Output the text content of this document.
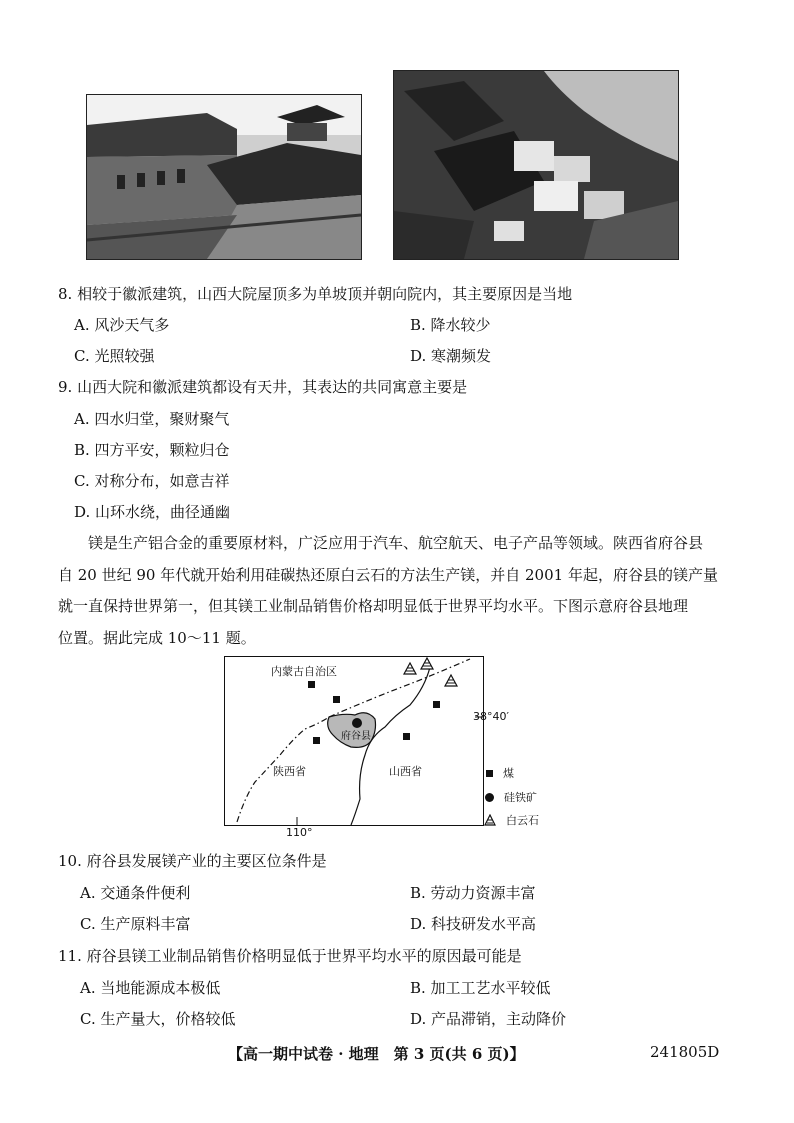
8. 相较于徽派建筑，山西大院屋顶多为单坡顶并朝向院内，其主要原因是当地
A. 风沙天气多	B. 降水较少
C. 光照较强	D. 寒潮频发
9. 山西大院和徽派建筑都设有天井，其表达的共同寓意主要是
A. 四水归堂，聚财聚气
B. 四方平安，颗粒归仓
C. 对称分布，如意吉祥
D. 山环水绕，曲径通幽

镁是生产铝合金的重要原材料，广泛应用于汽车、航空航天、电子产品等领域。陕西省府谷县

自 20 世纪 90 年代就开始利用硅碳热还原白云石的方法生产镁，并自 2001 年起，府谷县的镁产量

就一直保持世界第一，但其镁工业制品销售价格却明显低于世界平均水平。下图示意府谷县地理

位置。据此完成 10～11 题。

内蒙古自治区
府谷县
陕西省	山西省
38°40′
110°
煤
硅铁矿
白云石
10. 府谷县发展镁产业的主要区位条件是
A. 交通条件便利	B. 劳动力资源丰富
C. 生产原料丰富	D. 科技研发水平高
11. 府谷县镁工业制品销售价格明显低于世界平均水平的原因最可能是
A. 当地能源成本极低	B. 加工工艺水平较低
C. 生产量大，价格较低	D. 产品滞销，主动降价
【高一期中试卷 · 地理　第 3 页(共 6 页)】	241805D
